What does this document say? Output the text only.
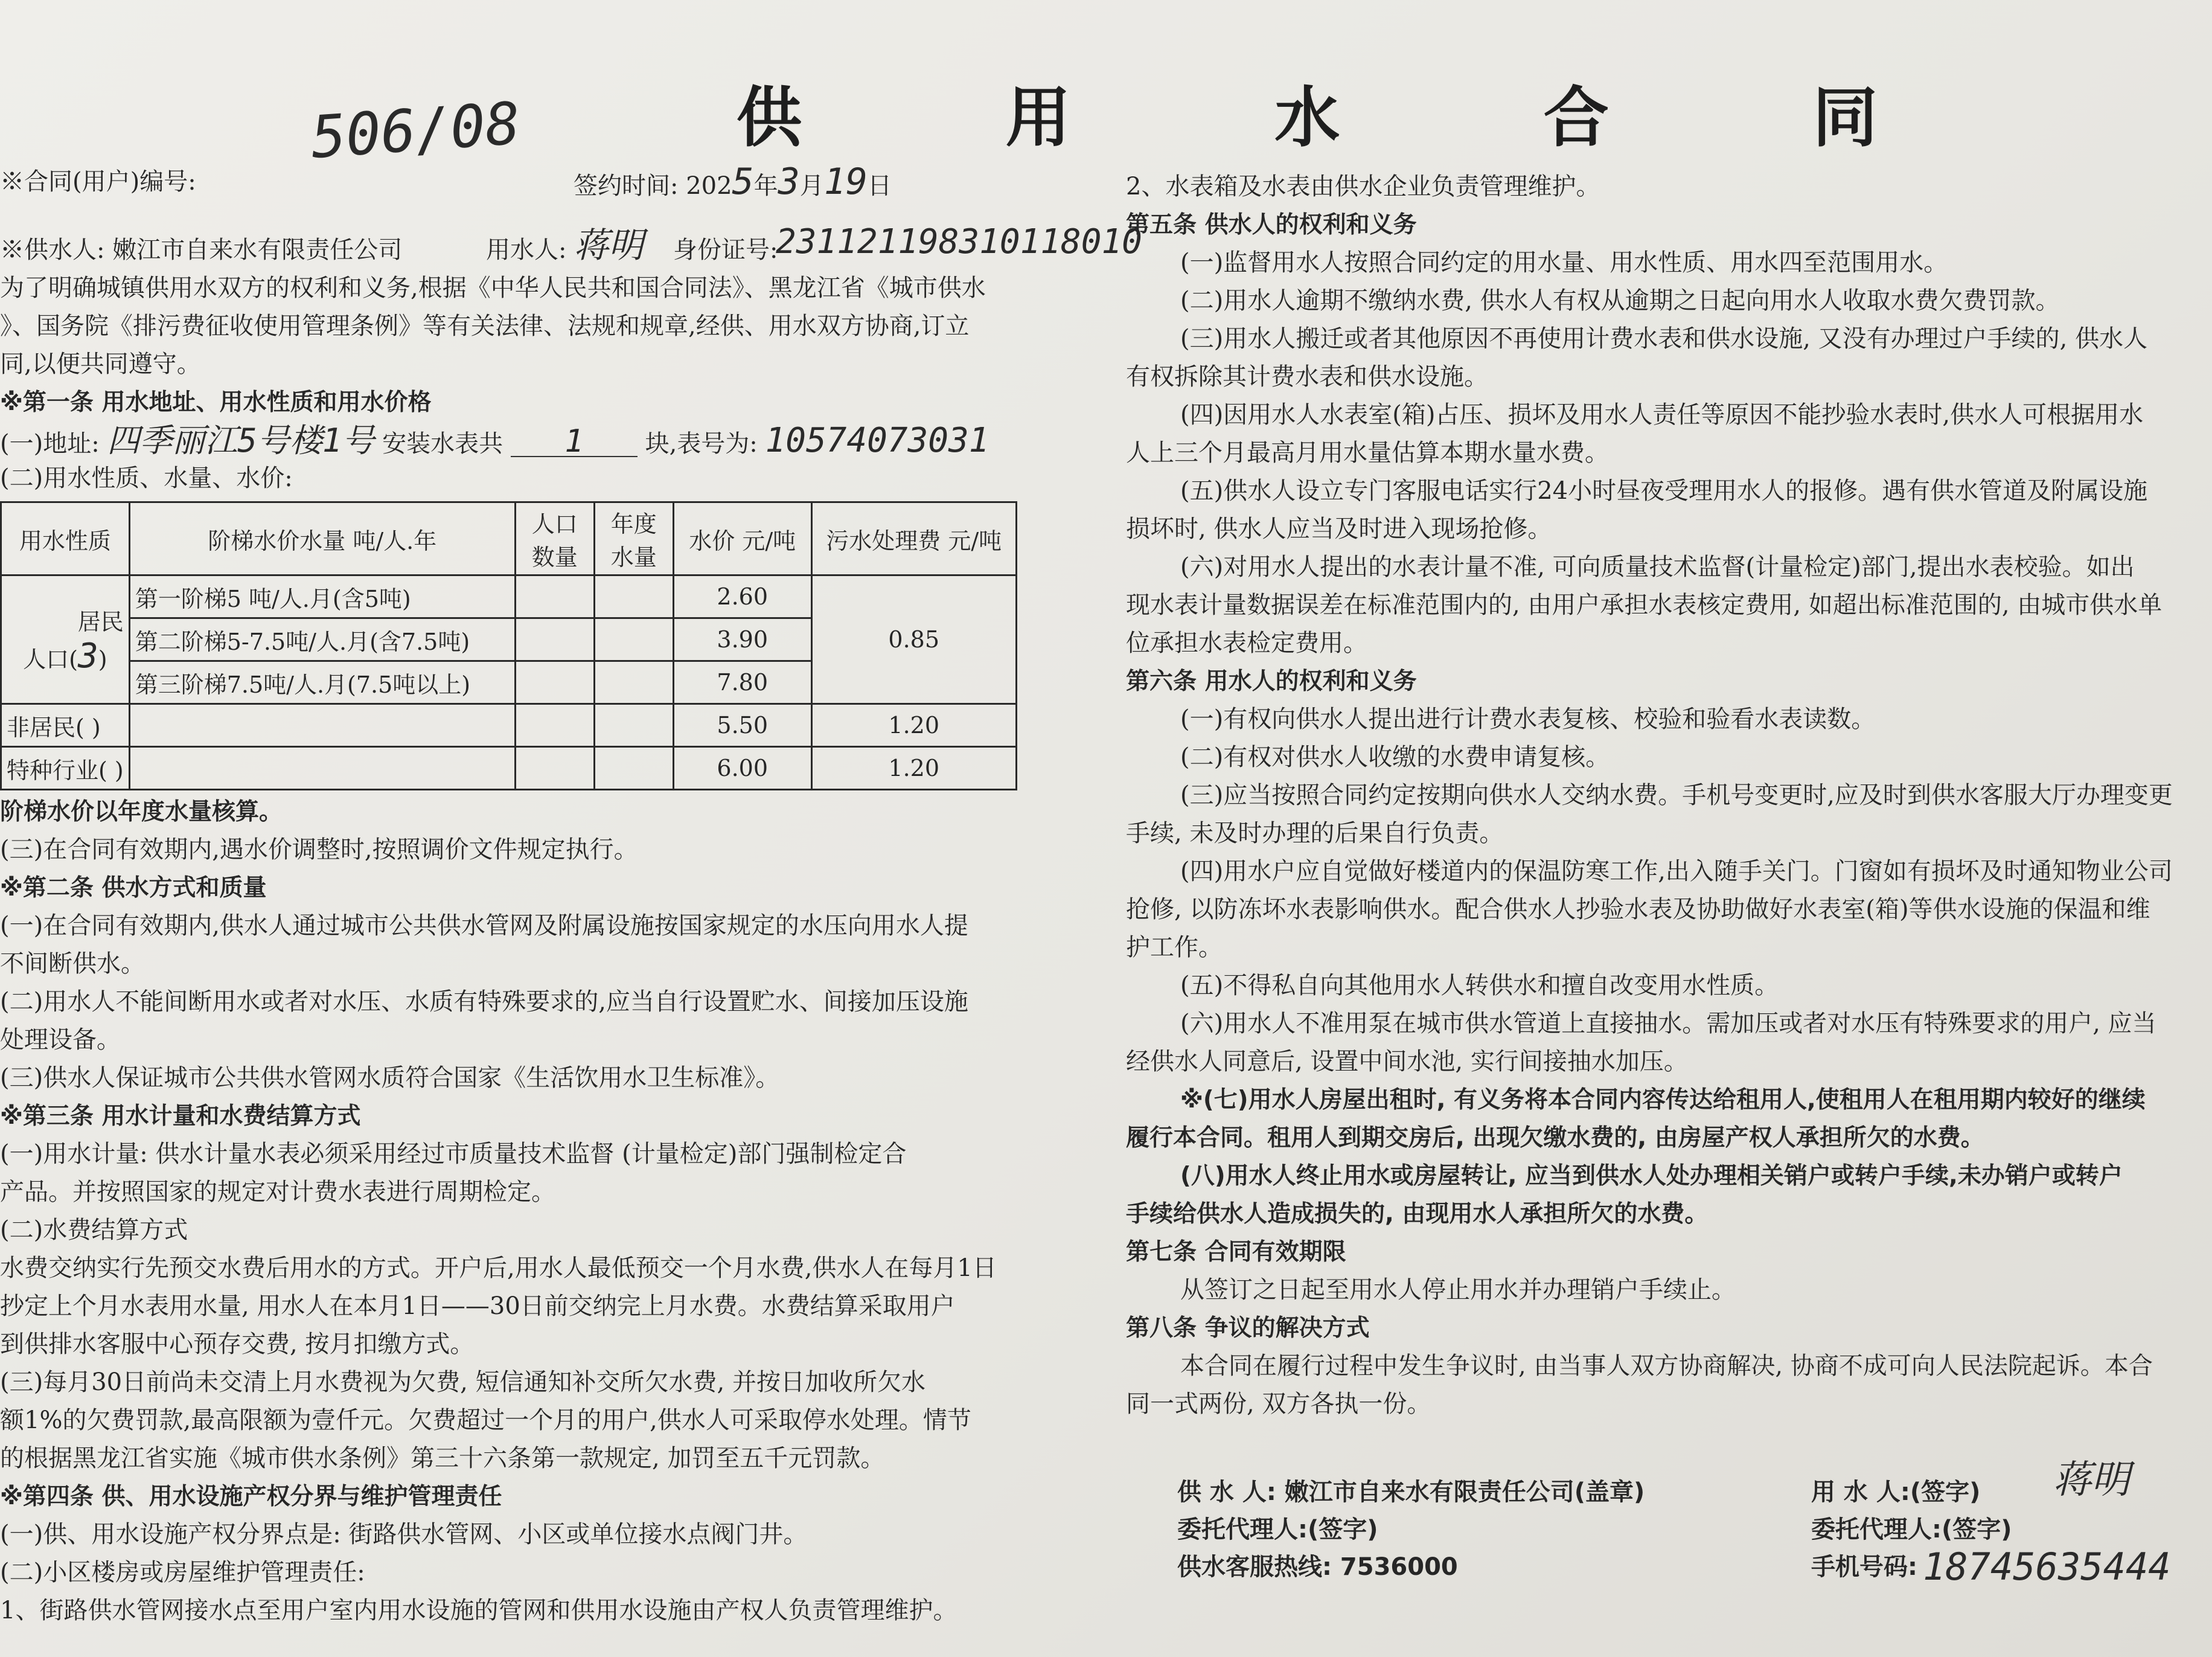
供 用 水 合 同
506/08
※合同(用户)编号:	签约时间: 2025年3月19日
※供水人: 嫩江市自来水有限责任公司	用水人: 蒋明 身份证号:
231121198310118010
为了明确城镇供用水双方的权利和义务,根据《中华人民共和国合同法》、黑龙江省《城市供水
》、国务院《排污费征收使用管理条例》等有关法律、法规和规章,经供、用水双方协商,订立
同,以便共同遵守。
※第一条 用水地址、用水性质和用水价格
(一)地址: 四季丽江5号楼1号 安装水表共 1	块,表号为: 10574073031
(二)用水性质、水量、水价:
用水性质	阶梯水价水量 吨/人.年	人口数量	年度水量	水价 元/吨	污水处理费 元/吨

居民
人口(3)	第一阶梯5 吨/人.月(含5吨)			2.60	0.85
	第二阶梯5-7.5吨/人.月(含7.5吨)			3.90	
	第三阶梯7.5吨/人.月(7.5吨以上)			7.80	
非居民( )				5.50	1.20
特种行业( )				6.00	1.20
阶梯水价以年度水量核算。
(三)在合同有效期内,遇水价调整时,按照调价文件规定执行。
※第二条 供水方式和质量
(一)在合同有效期内,供水人通过城市公共供水管网及附属设施按国家规定的水压向用水人提
不间断供水。
(二)用水人不能间断用水或者对水压、水质有特殊要求的,应当自行设置贮水、间接加压设施
处理设备。
(三)供水人保证城市公共供水管网水质符合国家《生活饮用水卫生标准》。
※第三条 用水计量和水费结算方式
(一)用水计量: 供水计量水表必须采用经过市质量技术监督 (计量检定)部门强制检定合
产品。并按照国家的规定对计费水表进行周期检定。
(二)水费结算方式
水费交纳实行先预交水费后用水的方式。开户后,用水人最低预交一个月水费,供水人在每月1日
抄定上个月水表用水量, 用水人在本月1日——30日前交纳完上月水费。水费结算采取用户
到供排水客服中心预存交费, 按月扣缴方式。
(三)每月30日前尚未交清上月水费视为欠费, 短信通知补交所欠水费, 并按日加收所欠水
额1%的欠费罚款,最高限额为壹仟元。欠费超过一个月的用户,供水人可采取停水处理。情节
的根据黑龙江省实施《城市供水条例》第三十六条第一款规定, 加罚至五千元罚款。
※第四条 供、用水设施产权分界与维护管理责任
(一)供、用水设施产权分界点是: 街路供水管网、小区或单位接水点阀门井。
(二)小区楼房或房屋维护管理责任:
1、街路供水管网接水点至用户室内用水设施的管网和供用水设施由产权人负责管理维护。
2、水表箱及水表由供水企业负责管理维护。
第五条 供水人的权利和义务
(一)监督用水人按照合同约定的用水量、用水性质、用水四至范围用水。
(二)用水人逾期不缴纳水费, 供水人有权从逾期之日起向用水人收取水费欠费罚款。
(三)用水人搬迁或者其他原因不再使用计费水表和供水设施, 又没有办理过户手续的, 供水人
有权拆除其计费水表和供水设施。
(四)因用水人水表室(箱)占压、损坏及用水人责任等原因不能抄验水表时,供水人可根据用水
人上三个月最高月用水量估算本期水量水费。
(五)供水人设立专门客服电话实行24小时昼夜受理用水人的报修。遇有供水管道及附属设施
损坏时, 供水人应当及时进入现场抢修。
(六)对用水人提出的水表计量不准, 可向质量技术监督(计量检定)部门,提出水表校验。如出
现水表计量数据误差在标准范围内的, 由用户承担水表核定费用, 如超出标准范围的, 由城市供水单
位承担水表检定费用。
第六条 用水人的权利和义务
(一)有权向供水人提出进行计费水表复核、校验和验看水表读数。
(二)有权对供水人收缴的水费申请复核。
(三)应当按照合同约定按期向供水人交纳水费。手机号变更时,应及时到供水客服大厅办理变更
手续, 未及时办理的后果自行负责。
(四)用水户应自觉做好楼道内的保温防寒工作,出入随手关门。门窗如有损坏及时通知物业公司
抢修, 以防冻坏水表影响供水。配合供水人抄验水表及协助做好水表室(箱)等供水设施的保温和维
护工作。
(五)不得私自向其他用水人转供水和擅自改变用水性质。
(六)用水人不准用泵在城市供水管道上直接抽水。需加压或者对水压有特殊要求的用户, 应当
经供水人同意后, 设置中间水池, 实行间接抽水加压。
※(七)用水人房屋出租时, 有义务将本合同内容传达给租用人,使租用人在租用期内较好的继续
履行本合同。租用人到期交房后, 出现欠缴水费的, 由房屋产权人承担所欠的水费。
(八)用水人终止用水或房屋转让, 应当到供水人处办理相关销户或转户手续,未办销户或转户
手续给供水人造成损失的, 由现用水人承担所欠的水费。
第七条 合同有效期限
从签订之日起至用水人停止用水并办理销户手续止。
第八条 争议的解决方式
本合同在履行过程中发生争议时, 由当事人双方协商解决, 协商不成可向人民法院起诉。本合
同一式两份, 双方各执一份。
供 水 人: 嫩江市自来水有限责任公司(盖章)
委托代理人:(签字)
供水客服热线: 7536000
用 水 人:(签字) 蒋明
委托代理人:(签字)
手机号码: 18745635444
